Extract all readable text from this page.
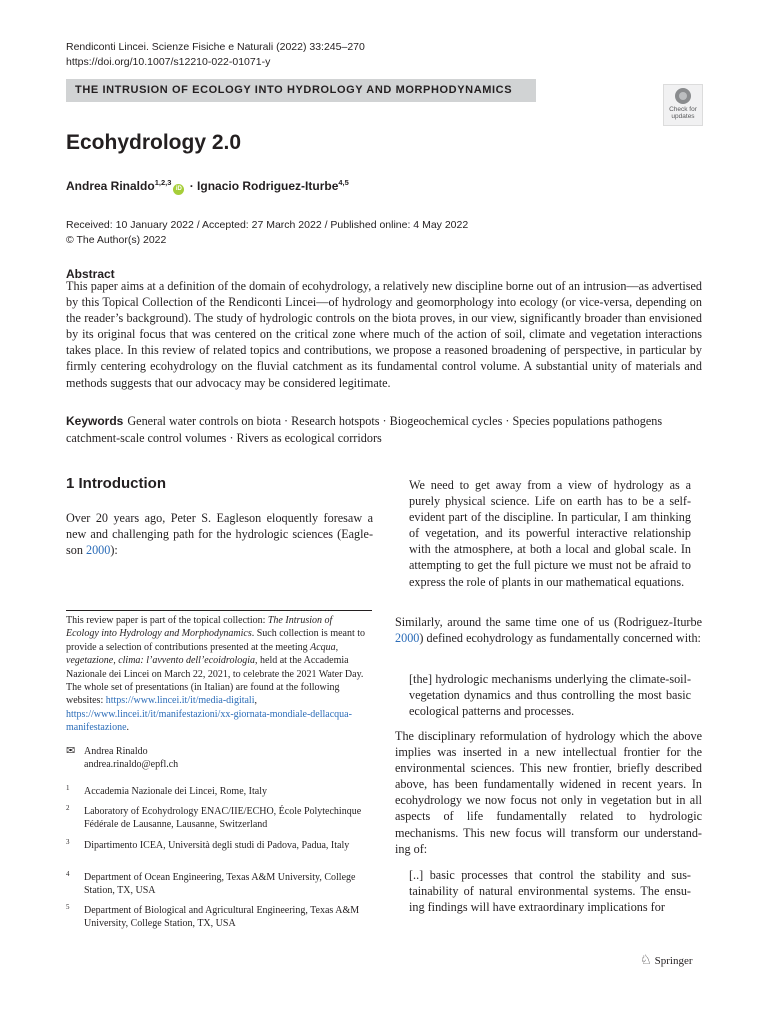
Rendiconti Lincei. Scienze Fisiche e Naturali (2022) 33:245–270
https://doi.org/10.1007/s12210-022-01071-y
THE INTRUSION OF ECOLOGY INTO HYDROLOGY AND MORPHODYNAMICS
Check for
updates
Ecohydrology 2.0
Andrea Rinaldo$^{1,2,3}$iD · Ignacio Rodriguez-Iturbe$^{4,5}$
Received: 10 January 2022 / Accepted: 27 March 2022 / Published online: 4 May 2022
© The Author(s) 2022
Abstract
This paper aims at a definition of the domain of ecohydrology, a relatively new discipline borne out of an intrusion—as advertised by this Topical Collection of the Rendiconti Lincei—of hydrology and geomorphology into ecology (or vice-versa, depending on the reader’s background). The study of hydrologic controls on the biota proves, in our view, significantly broader than envisioned by its original focus that was centered on the critical zone where much of the action of soil, climate and vegetation interactions takes place. In this review of related topics and contributions, we propose a reasoned broadening of perspective, in particular by firmly centering ecohydrology on the fluvial catchment as its fundamental control volume. A substantial unity of materials and methods suggests that our advocacy may be considered legitimate.
Keywords General water controls on biota · Research hotspots · Biogeochemical cycles · Species populations pathogens catchment-scale control volumes · Rivers as ecological corridors
1 Introduction
Over 20 years ago, Peter S. Eagleson eloquently foresaw a new and challenging path for the hydrologic sciences (Eagle-son 2000):
This review paper is part of the topical collection: The Intrusion of Ecology into Hydrology and Morphodynamics. Such collection is meant to provide a selection of contributions presented at the meeting Acqua, vegetazione, clima: l’avvento dell’ecoidrologia, held at the Accademia Nazionale dei Lincei on March 22, 2021, to celebrate the 2021 Water Day. The whole set of presentations (in Italian) are found at the following websites: https://www.lincei.it/it/media-digitali, https://www.lincei.it/it/manifestazioni/xx-giornata-mondiale-dellacqua-manifestazione.
✉ Andrea Rinaldo
andrea.rinaldo@epfl.ch
1 Accademia Nazionale dei Lincei, Rome, Italy
2 Laboratory of Ecohydrology ENAC/IIE/ECHO, École Polytechinque Fédérale de Lausanne, Lausanne, Switzerland
3 Dipartimento ICEA, Università degli studi di Padova, Padua, Italy
4 Department of Ocean Engineering, Texas A&M University, College Station, TX, USA
5 Department of Biological and Agricultural Engineering, Texas A&M University, College Station, TX, USA
We need to get away from a view of hydrology as a purely physical science. Life on earth has to be a self-evident part of the discipline. In particular, I am thinking of vegetation, and its powerful interactive relationship with the atmosphere, at both a local and global scale. In attempting to get the full picture we must not be afraid to express the role of plants in our mathematical equations.
Similarly, around the same time one of us (Rodriguez-Iturbe 2000) defined ecohydrology as fundamentally concerned with:
[the] hydrologic mechanisms underlying the climate-soil-vegetation dynamics and thus controlling the most basic ecological patterns and processes.
The disciplinary reformulation of hydrology which the above implies was inserted in a new intellectual frontier for the environmental sciences. This new frontier, briefly described above, has been fundamentally widened in recent years. In ecohydrology we now focus not only in vegetation but in all aspects of life fundamentally related to hydrologic mechanisms. This new focus will transform our understand-ing of:
[..] basic processes that control the stability and sus-tainability of natural environmental systems. The ensu-ing findings will have extraordinary implications for
♘ Springer
